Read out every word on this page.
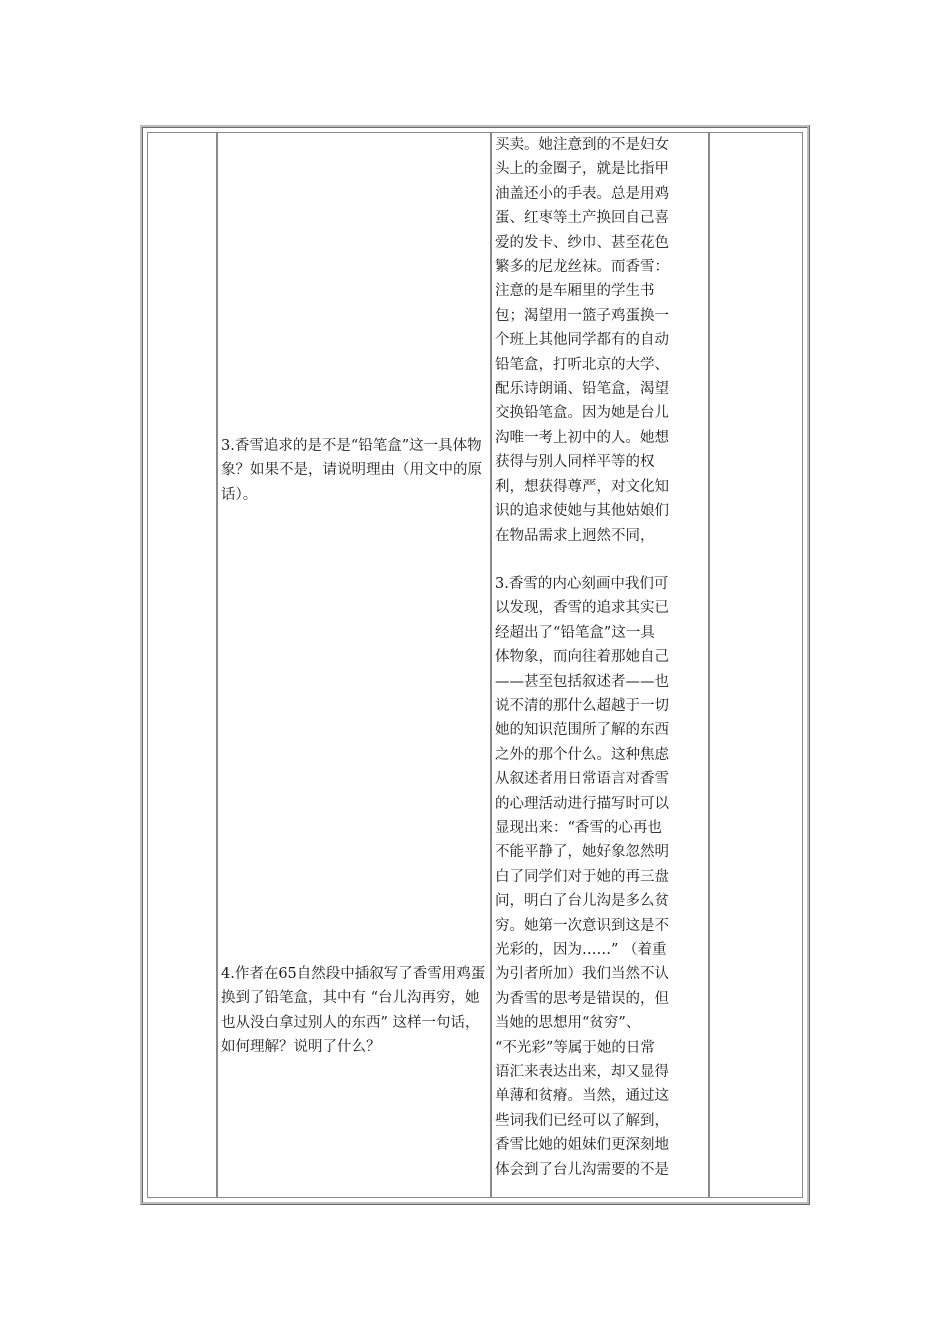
3.香雪追求的是不是“铅笔盒”这一具体物象？如果不是，请说明理由（用文中的原话）。
4.作者在65自然段中插叙写了香雪用鸡蛋换到了铅笔盒，其中有 “台儿沟再穷，她也从没白拿过别人的东西” 这样一句话，如何理解？说明了什么？

买卖。她注意到的不是妇女
头上的金圈子，就是比指甲
油盖还小的手表。总是用鸡
蛋、红枣等土产换回自己喜
爱的发卡、纱巾、甚至花色
繁多的尼龙丝袜。而香雪：
注意的是车厢里的学生书
包；渴望用一篮子鸡蛋换一
个班上其他同学都有的自动
铅笔盒，打听北京的大学、
配乐诗朗诵、铅笔盒，渴望
交换铅笔盒。因为她是台儿
沟唯一考上初中的人。她想
获得与别人同样平等的权
利，想获得尊严，对文化知
识的追求使她与其他姑娘们
在物品需求上迥然不同，

3.香雪的内心刻画中我们可
以发现，香雪的追求其实已
经超出了“铅笔盒”这一具
体物象，而向往着那她自己
——甚至包括叙述者——也
说不清的那什么超越于一切
她的知识范围所了解的东西
之外的那个什么。这种焦虑
从叙述者用日常语言对香雪
的心理活动进行描写时可以
显现出来：“香雪的心再也
不能平静了，她好象忽然明
白了同学们对于她的再三盘
问，明白了台儿沟是多么贫
穷。她第一次意识到这是不
光彩的，因为……” （着重
为引者所加）我们当然不认
为香雪的思考是错误的，但
当她的思想用“贫穷”、
“不光彩”等属于她的日常
语汇来表达出来，却又显得
单薄和贫瘠。当然，通过这
些词我们已经可以了解到，
香雪比她的姐妹们更深刻地
体会到了台儿沟需要的不是
